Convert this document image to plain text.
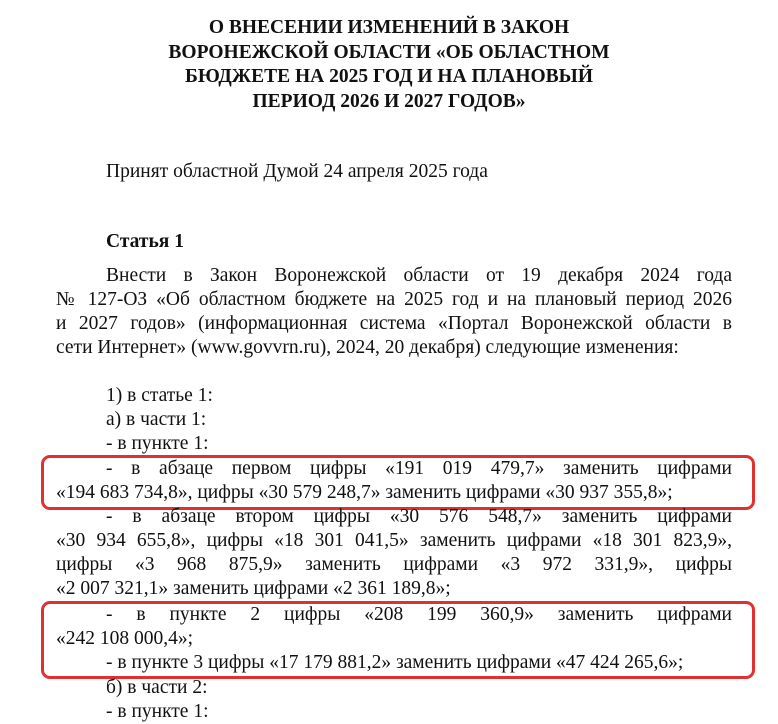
О ВНЕСЕНИИ ИЗМЕНЕНИЙ В ЗАКОН
ВОРОНЕЖСКОЙ ОБЛАСТИ «ОБ ОБЛАСТНОМ
БЮДЖЕТЕ НА 2025 ГОД И НА ПЛАНОВЫЙ
ПЕРИОД 2026 И 2027 ГОДОВ»
Принят областной Думой 24 апреля 2025 года
Статья 1
Внести в Закон Воронежской области от 19 декабря 2024 года
№ 127-ОЗ «Об областном бюджете на 2025 год и на плановый период 2026
и 2027 годов» (информационная система «Портал Воронежской области в
сети Интернет» (www.govvrn.ru), 2024, 20 декабря) следующие изменения:
1) в статье 1:
а) в части 1:
- в пункте 1:
- в абзаце первом цифры «191 019 479,7» заменить цифрами
«194 683 734,8», цифры «30 579 248,7» заменить цифрами «30 937 355,8»;
- в абзаце втором цифры «30 576 548,7» заменить цифрами
«30 934 655,8», цифры «18 301 041,5» заменить цифрами «18 301 823,9»,
цифры «3 968 875,9» заменить цифрами «3 972 331,9», цифры
«2 007 321,1» заменить цифрами «2 361 189,8»;
- в пункте 2 цифры «208 199 360,9» заменить цифрами
«242 108 000,4»;
- в пункте 3 цифры «17 179 881,2» заменить цифрами «47 424 265,6»;
б) в части 2:
- в пункте 1:
